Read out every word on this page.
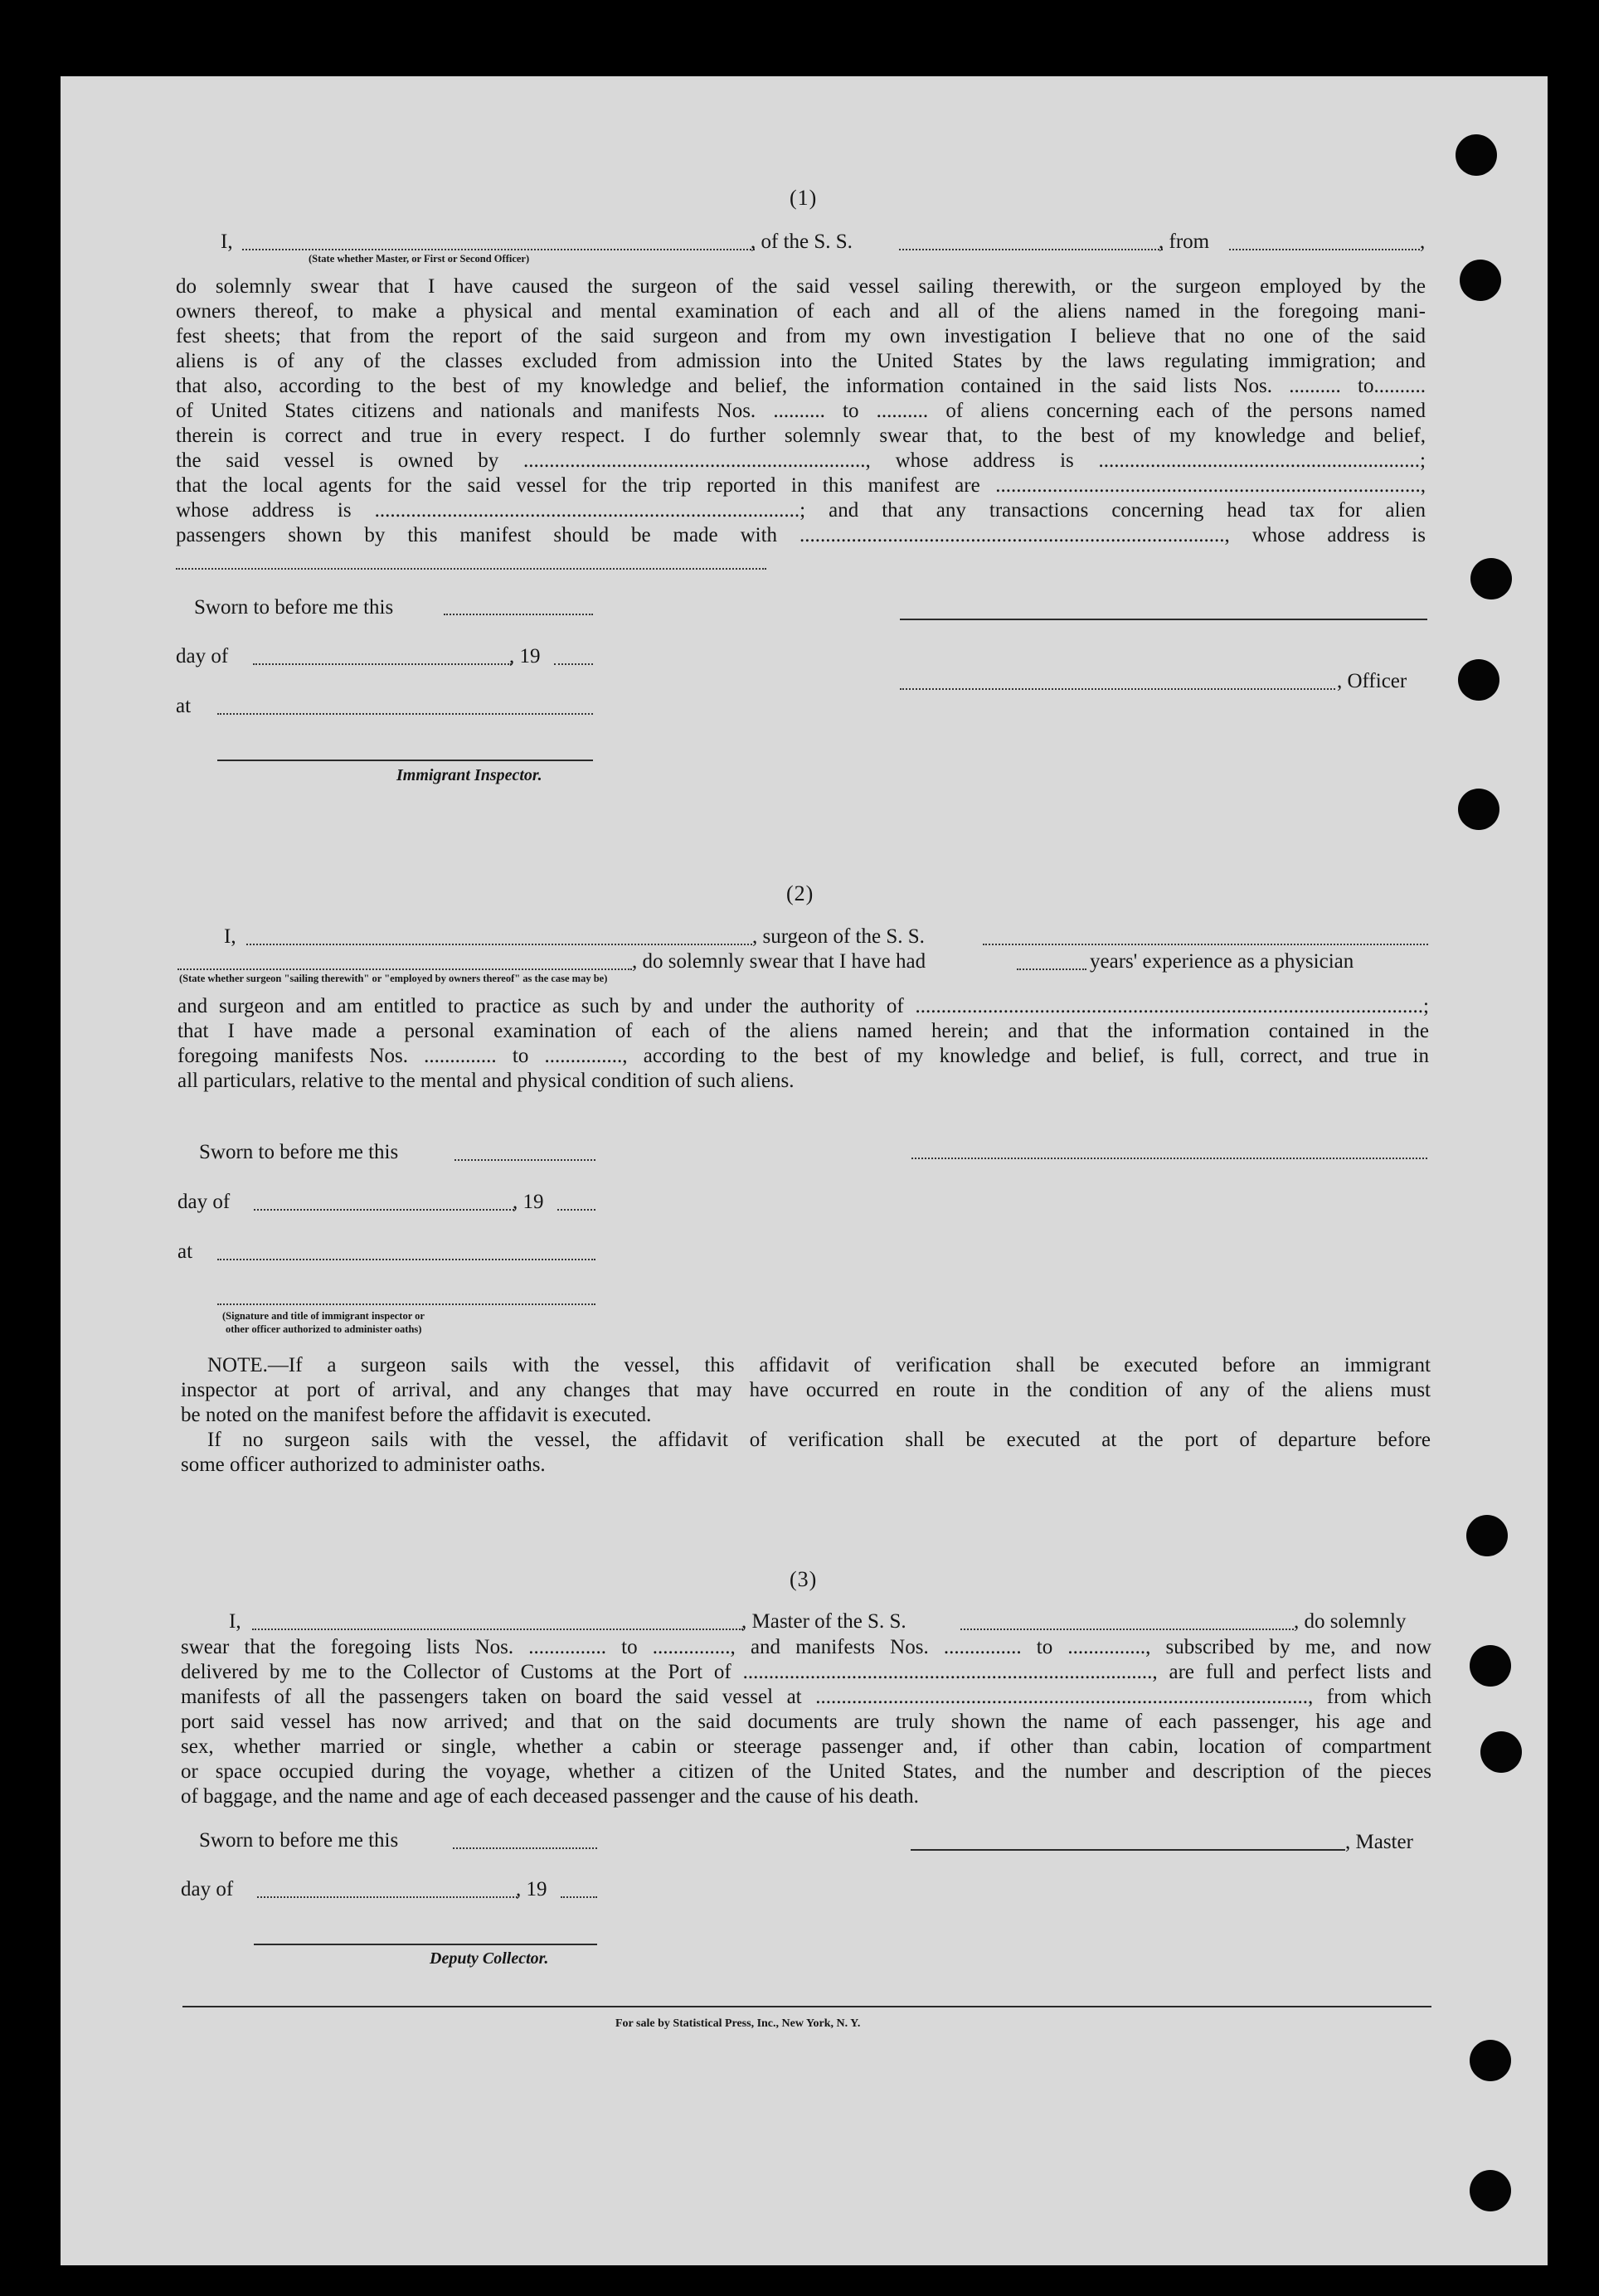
(1)
I,	, of the S. S.	, from	,
(State whether Master, or First or Second Officer)
do solemnly swear that I have caused the surgeon of the said vessel sailing therewith, or the surgeon employed by the
owners thereof, to make a physical and mental examination of each and all of the aliens named in the foregoing mani-
fest sheets; that from the report of the said surgeon and from my own investigation I believe that no one of the said
aliens is of any of the classes excluded from admission into the United States by the laws regulating immigration; and
that also, according to the best of my knowledge and belief, the information contained in the said lists Nos. .......... to..........
of United States citizens and nationals and manifests Nos. .......... to .......... of aliens concerning each of the persons named
therein is correct and true in every respect. I do further solemnly swear that, to the best of my knowledge and belief,
the said vessel is owned by .................................................................., whose address is ..............................................................;
that the local agents for the said vessel for the trip reported in this manifest are ..................................................................................,
whose address is ..................................................................................; and that any transactions concerning head tax for alien
passengers shown by this manifest should be made with .................................................................................., whose address is
Sworn to before me this
day of	, 19
at
Immigrant Inspector.
, Officer
(2)
I,	, surgeon of the S. S.
, do solemnly swear that I have had	years' experience as a physician
(State whether surgeon "sailing therewith" or "employed by owners thereof" as the case may be)
and surgeon and am entitled to practice as such by and under the authority of ..................................................................................................;
that I have made a personal examination of each of the aliens named herein; and that the information contained in the
foregoing manifests Nos. .............. to ..............., according to the best of my knowledge and belief, is full, correct, and true in
all particulars, relative to the mental and physical condition of such aliens.
Sworn to before me this
day of	, 19
at
(Signature and title of immigrant inspector or
other officer authorized to administer oaths)
NOTE.—If a surgeon sails with the vessel, this affidavit of verification shall be executed before an immigrant
inspector at port of arrival, and any changes that may have occurred en route in the condition of any of the aliens must
be noted on the manifest before the affidavit is executed.
If no surgeon sails with the vessel, the affidavit of verification shall be executed at the port of departure before
some officer authorized to administer oaths.
(3)
I,	, Master of the S. S.	, do solemnly
swear that the foregoing lists Nos. ............... to ..............., and manifests Nos. ............... to ..............., subscribed by me, and now
delivered by me to the Collector of Customs at the Port of ..............................................................................., are full and perfect lists and
manifests of all the passengers taken on board the said vessel at ..............................................................................................., from which
port said vessel has now arrived; and that on the said documents are truly shown the name of each passenger, his age and
sex, whether married or single, whether a cabin or steerage passenger and, if other than cabin, location of compartment
or space occupied during the voyage, whether a citizen of the United States, and the number and description of the pieces
of baggage, and the name and age of each deceased passenger and the cause of his death.
Sworn to before me this
day of	, 19
Deputy Collector.
, Master
For sale by Statistical Press, Inc., New York, N. Y.
